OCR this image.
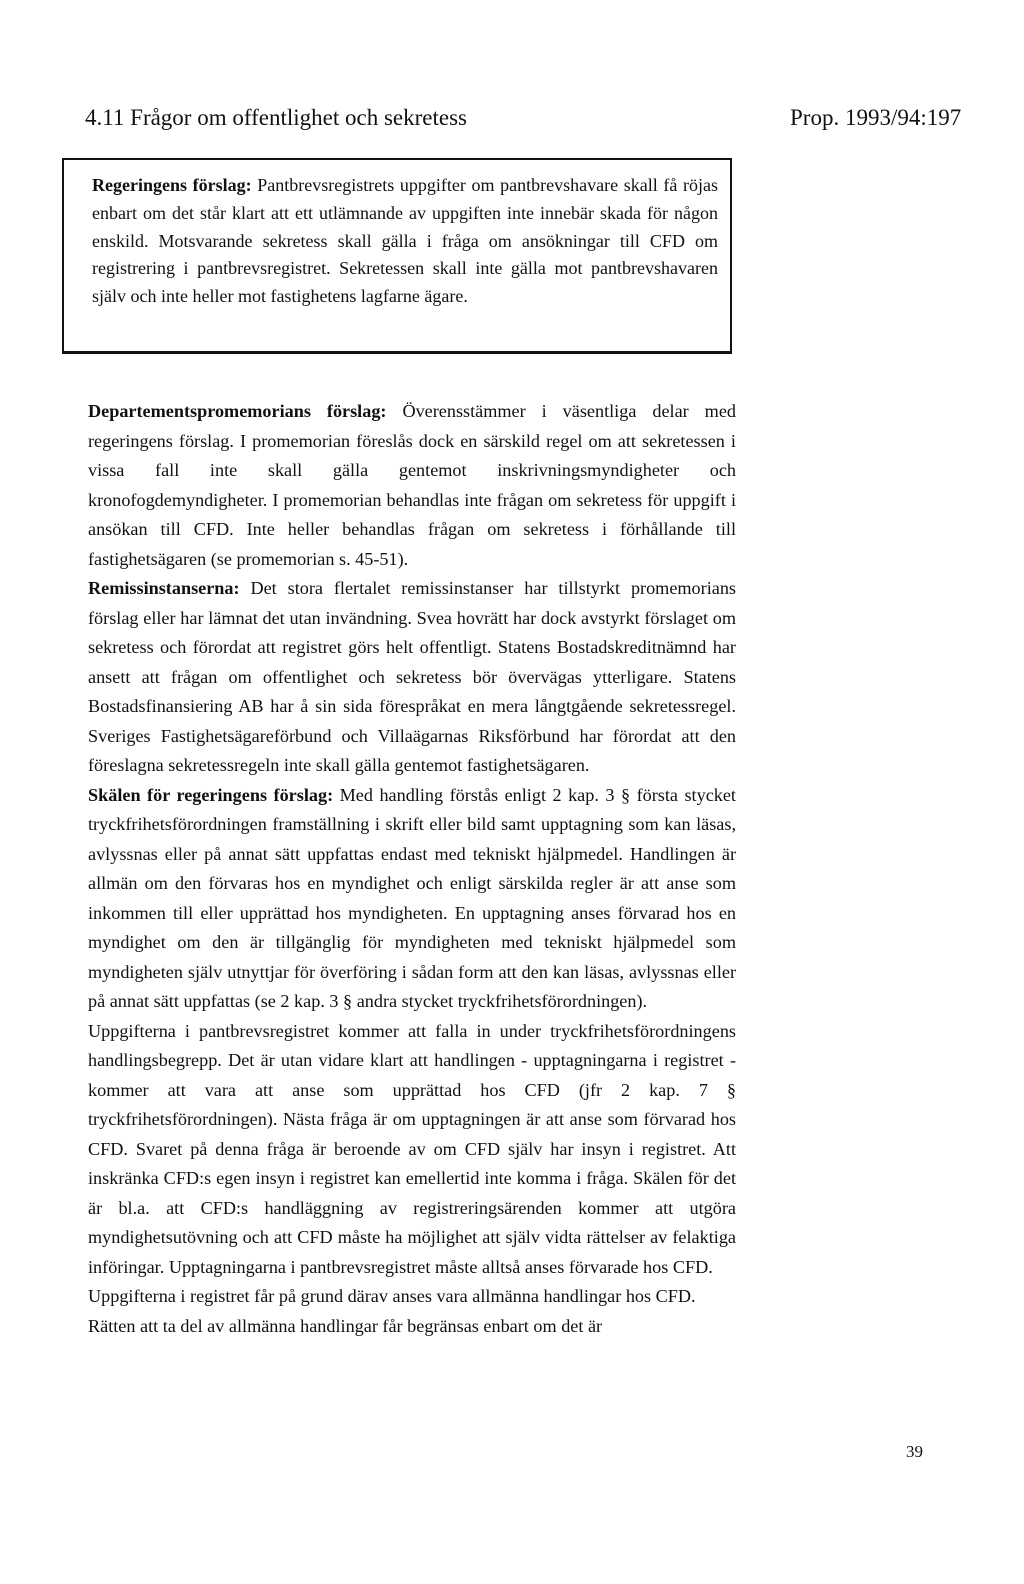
4.11 Frågor om offentlighet och sekretess	Prop. 1993/94:197
Regeringens förslag: Pantbrevsregistrets uppgifter om pantbrevshavare skall få röjas enbart om det står klart att ett utlämnande av uppgiften inte innebär skada för någon enskild. Motsvarande sekretess skall gälla i fråga om ansökningar till CFD om registrering i pantbrevsregistret. Sekretessen skall inte gälla mot pantbrevshavaren själv och inte heller mot fastighetens lagfarne ägare.

Departementspromemorians förslag: Överensstämmer i väsentliga delar med regeringens förslag. I promemorian föreslås dock en särskild regel om att sekretessen i vissa fall inte skall gälla gentemot inskrivningsmyndigheter och kronofogdemyndigheter. I promemorian behandlas inte frågan om sekretess för uppgift i ansökan till CFD. Inte heller behandlas frågan om sekretess i förhållande till fastighetsägaren (se promemorian s. 45-51).

Remissinstanserna: Det stora flertalet remissinstanser har tillstyrkt promemorians förslag eller har lämnat det utan invändning. Svea hovrätt har dock avstyrkt förslaget om sekretess och förordat att registret görs helt offentligt. Statens Bostadskreditnämnd har ansett att frågan om offentlighet och sekretess bör övervägas ytterligare. Statens Bostadsfinansiering AB har å sin sida förespråkat en mera långtgående sekretessregel. Sveriges Fastighetsägareförbund och Villaägarnas Riksförbund har förordat att den föreslagna sekretessregeln inte skall gälla gentemot fastighetsägaren.

Skälen för regeringens förslag: Med handling förstås enligt 2 kap. 3 § första stycket tryckfrihetsförordningen framställning i skrift eller bild samt upptagning som kan läsas, avlyssnas eller på annat sätt uppfattas endast med tekniskt hjälpmedel. Handlingen är allmän om den förvaras hos en myndighet och enligt särskilda regler är att anse som inkommen till eller upprättad hos myndigheten. En upptagning anses förvarad hos en myndighet om den är tillgänglig för myndigheten med tekniskt hjälpmedel som myndigheten själv utnyttjar för överföring i sådan form att den kan läsas, avlyssnas eller på annat sätt uppfattas (se 2 kap. 3 § andra stycket tryckfrihetsförordningen).

Uppgifterna i pantbrevsregistret kommer att falla in under tryckfrihetsförordningens handlingsbegrepp. Det är utan vidare klart att handlingen - upptagningarna i registret - kommer att vara att anse som upprättad hos CFD (jfr 2 kap. 7 § tryckfrihetsförordningen). Nästa fråga är om upptagningen är att anse som förvarad hos CFD. Svaret på denna fråga är beroende av om CFD själv har insyn i registret. Att inskränka CFD:s egen insyn i registret kan emellertid inte komma i fråga. Skälen för det är bl.a. att CFD:s handläggning av registreringsärenden kommer att utgöra myndighetsutövning och att CFD måste ha möjlighet att själv vidta rättelser av felaktiga införingar. Upptagningarna i pantbrevsregistret måste alltså anses förvarade hos CFD.

Uppgifterna i registret får på grund därav anses vara allmänna handlingar hos CFD.

Rätten att ta del av allmänna handlingar får begränsas enbart om det är

39
